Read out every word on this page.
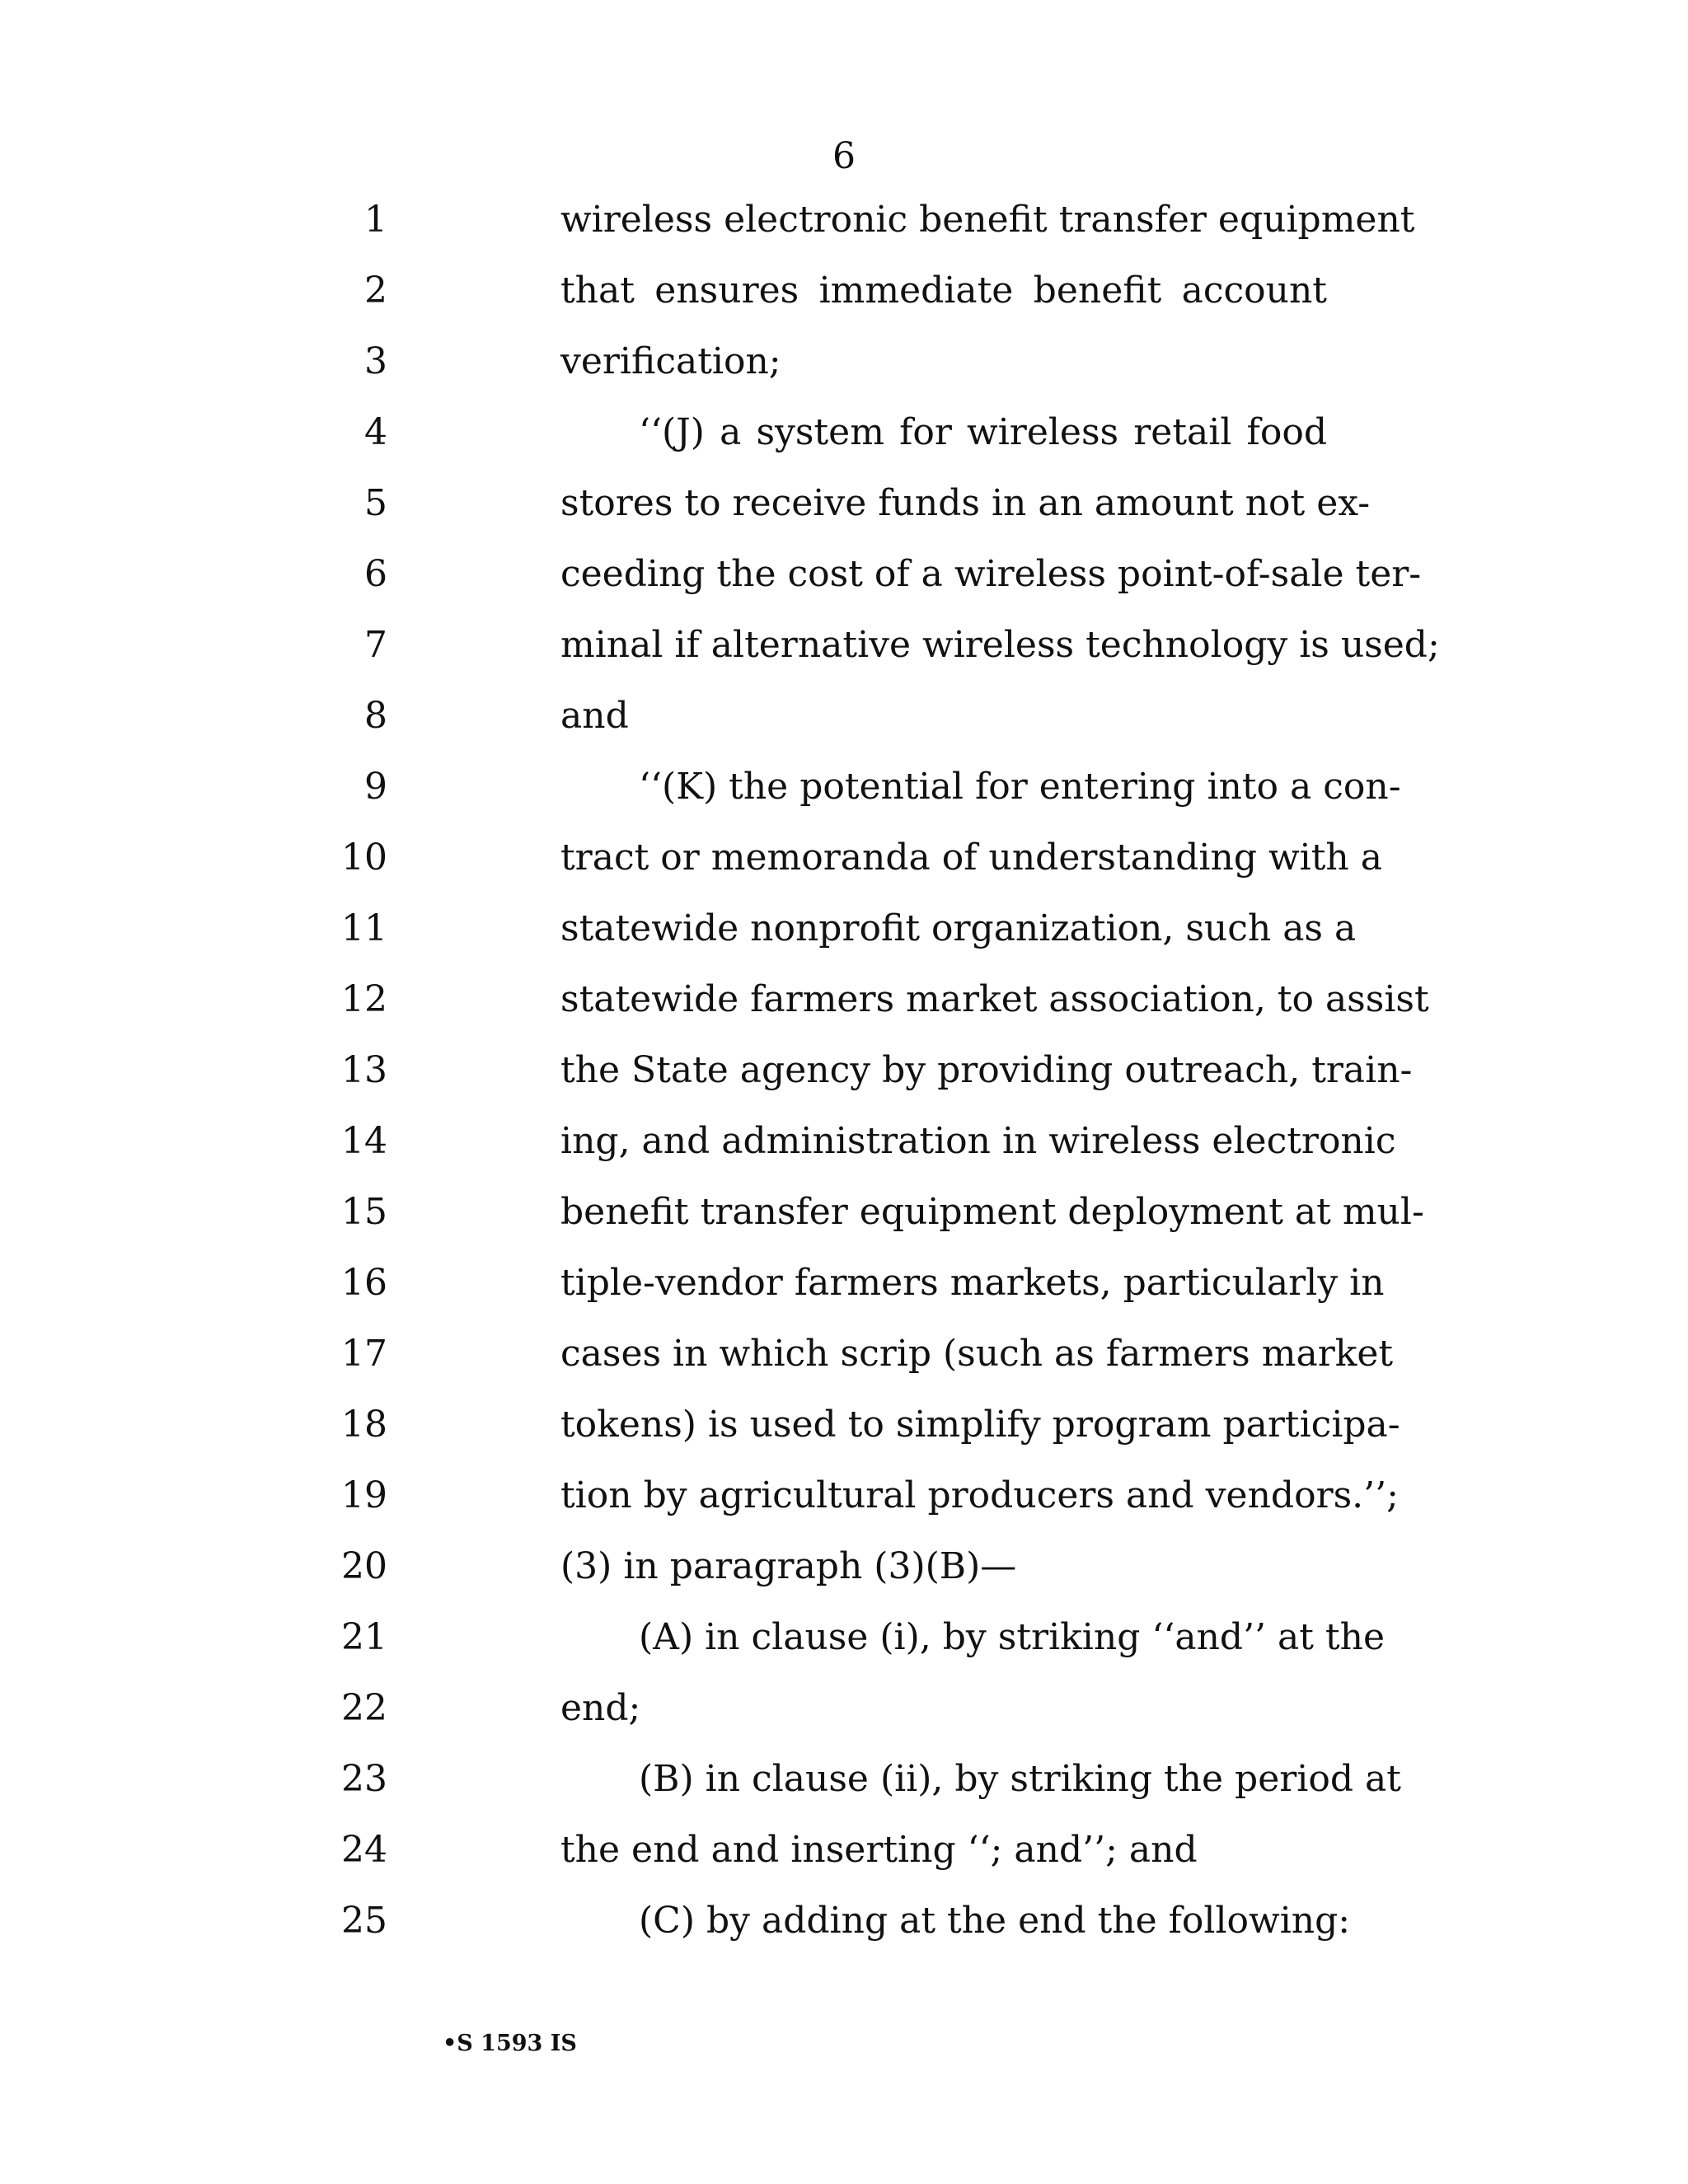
6
1	wireless electronic benefit transfer equipment
2	that ensures immediate benefit account
3	verification;
4	‘‘(J) a system for wireless retail food
5	stores to receive funds in an amount not ex-
6	ceeding the cost of a wireless point-of-sale ter-
7	minal if alternative wireless technology is used;
8	and
9	‘‘(K) the potential for entering into a con-
10	tract or memoranda of understanding with a
11	statewide nonprofit organization, such as a
12	statewide farmers market association, to assist
13	the State agency by providing outreach, train-
14	ing, and administration in wireless electronic
15	benefit transfer equipment deployment at mul-
16	tiple-vendor farmers markets, particularly in
17	cases in which scrip (such as farmers market
18	tokens) is used to simplify program participa-
19	tion by agricultural producers and vendors.’’;
20	(3) in paragraph (3)(B)—
21	(A) in clause (i), by striking ‘‘and’’ at the
22	end;
23	(B) in clause (ii), by striking the period at
24	the end and inserting ‘‘; and’’; and
25	(C) by adding at the end the following:
•S 1593 IS
